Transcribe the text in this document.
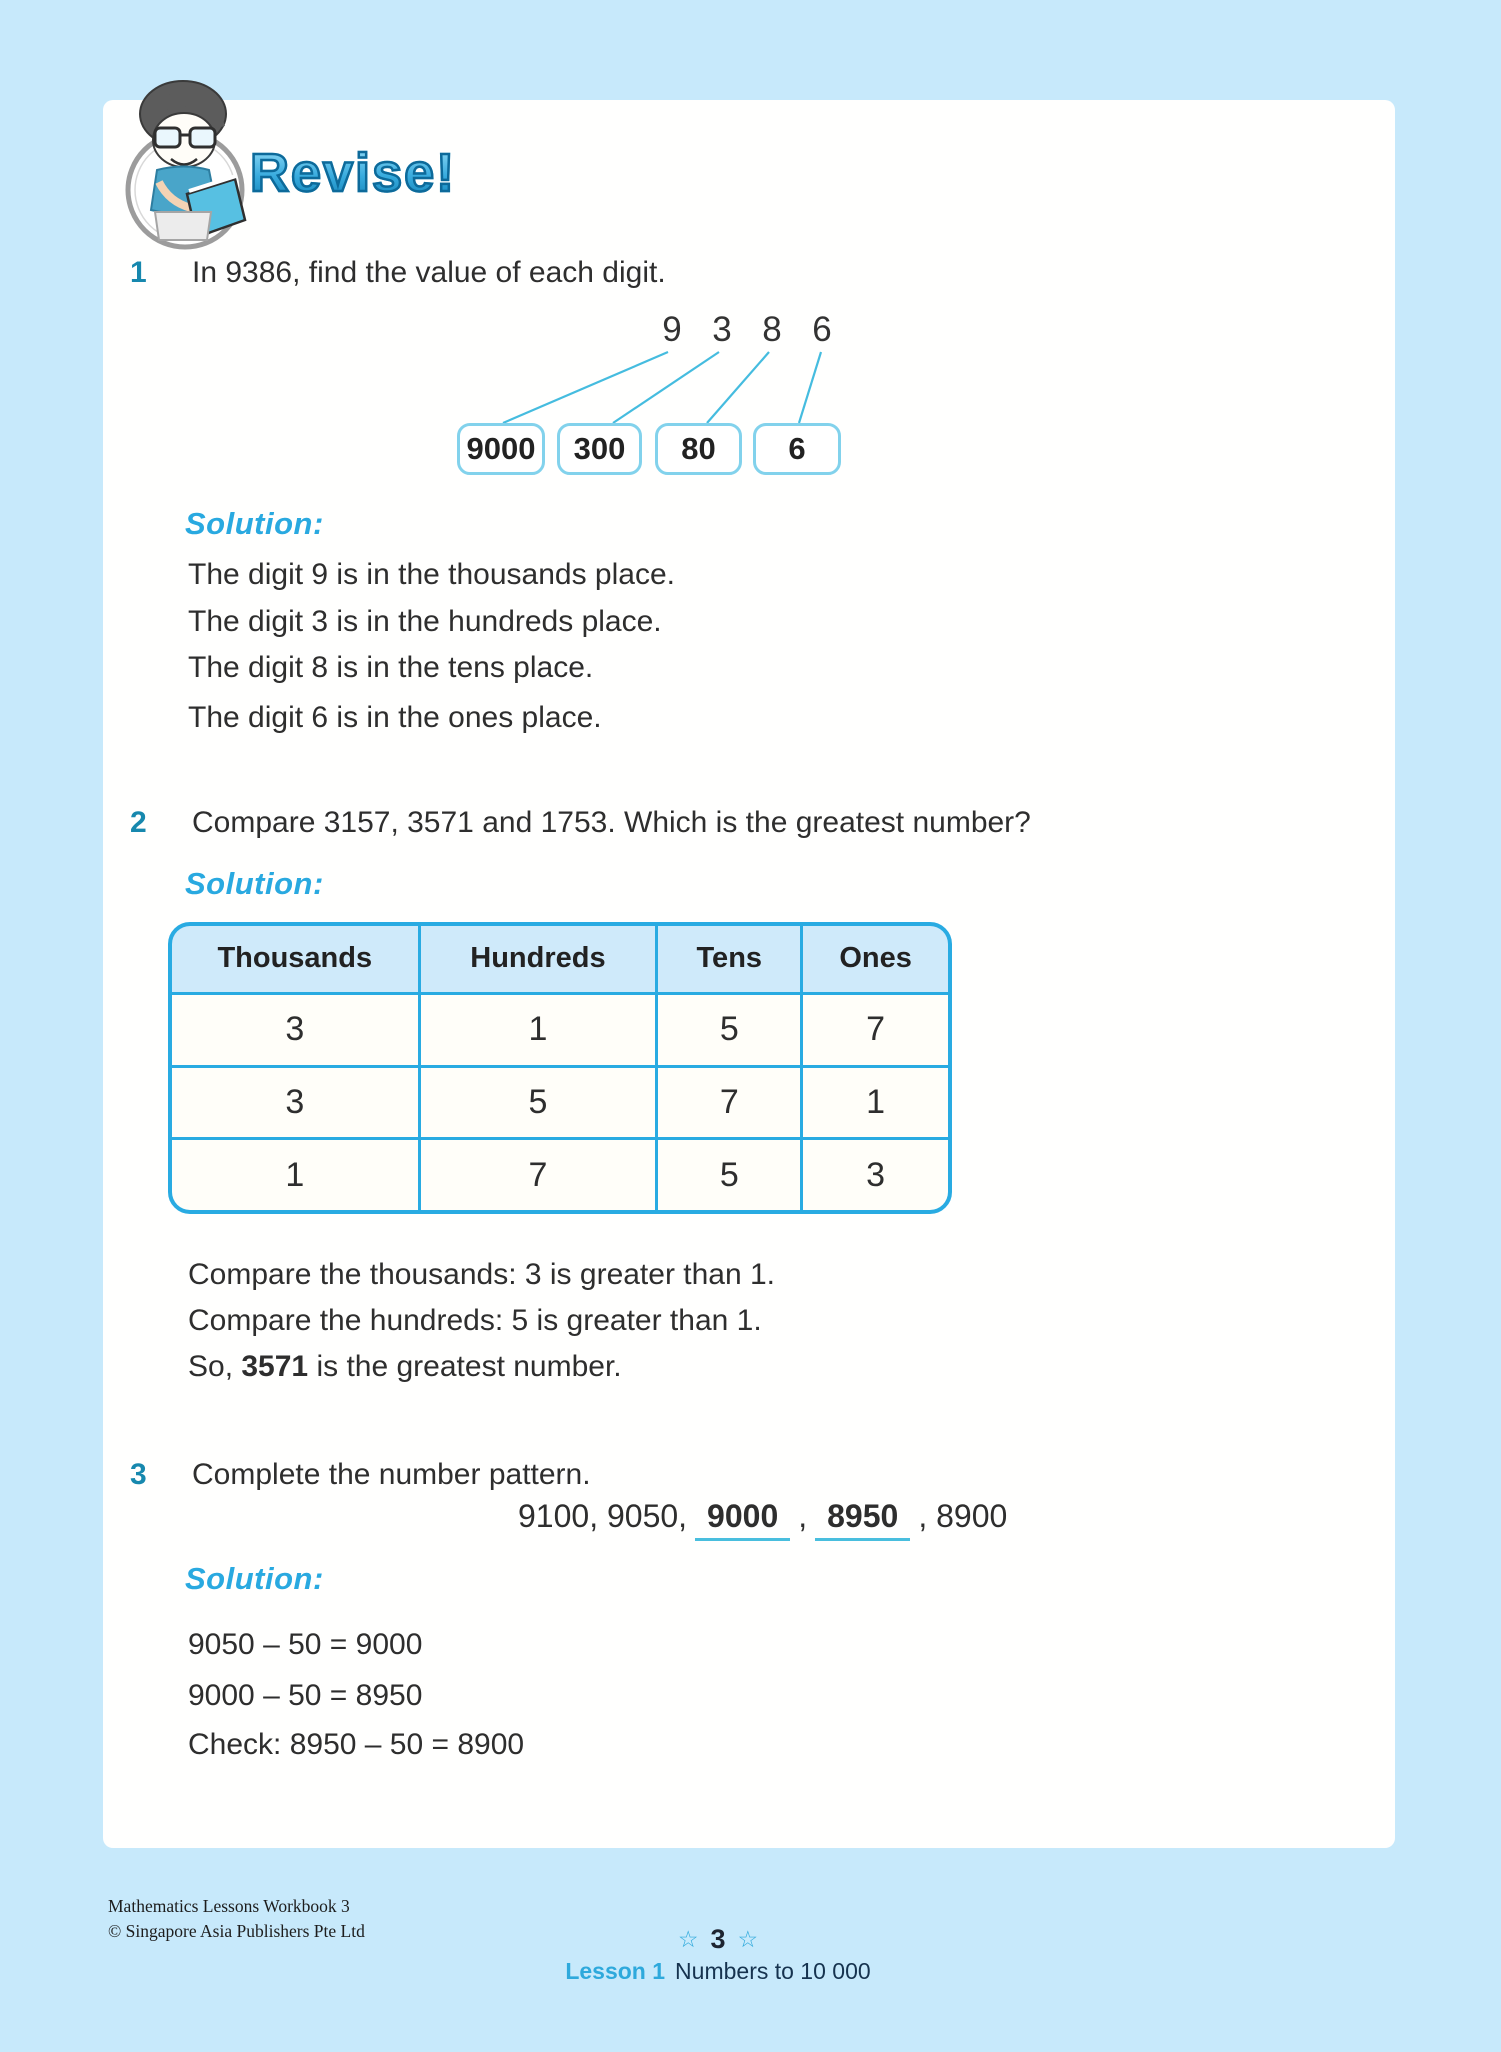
Revise!
1 In 9386, find the value of each digit.
9 3 8 6
9000	300	80	6
Solution:
The digit 9 is in the thousands place.
The digit 3 is in the hundreds place.
The digit 8 is in the tens place.
The digit 6 is in the ones place.
2 Compare 3157, 3571 and 1753. Which is the greatest number?
Solution:
Thousands	Hundreds	Tens	Ones
3	1	5	7
3	5	7	1
1	7	5	3
Compare the thousands: 3 is greater than 1.
Compare the hundreds: 5 is greater than 1.
So, 3571 is the greatest number.
3 Complete the number pattern.
9100, 9050, 9000 , 8950 , 8900
Solution:
9050 – 50 = 9000
9000 – 50 = 8950
Check: 8950 – 50 = 8900
Mathematics Lessons Workbook 3
© Singapore Asia Publishers Pte Ltd	☆ 3 ☆
Lesson 1 Numbers to 10 000
